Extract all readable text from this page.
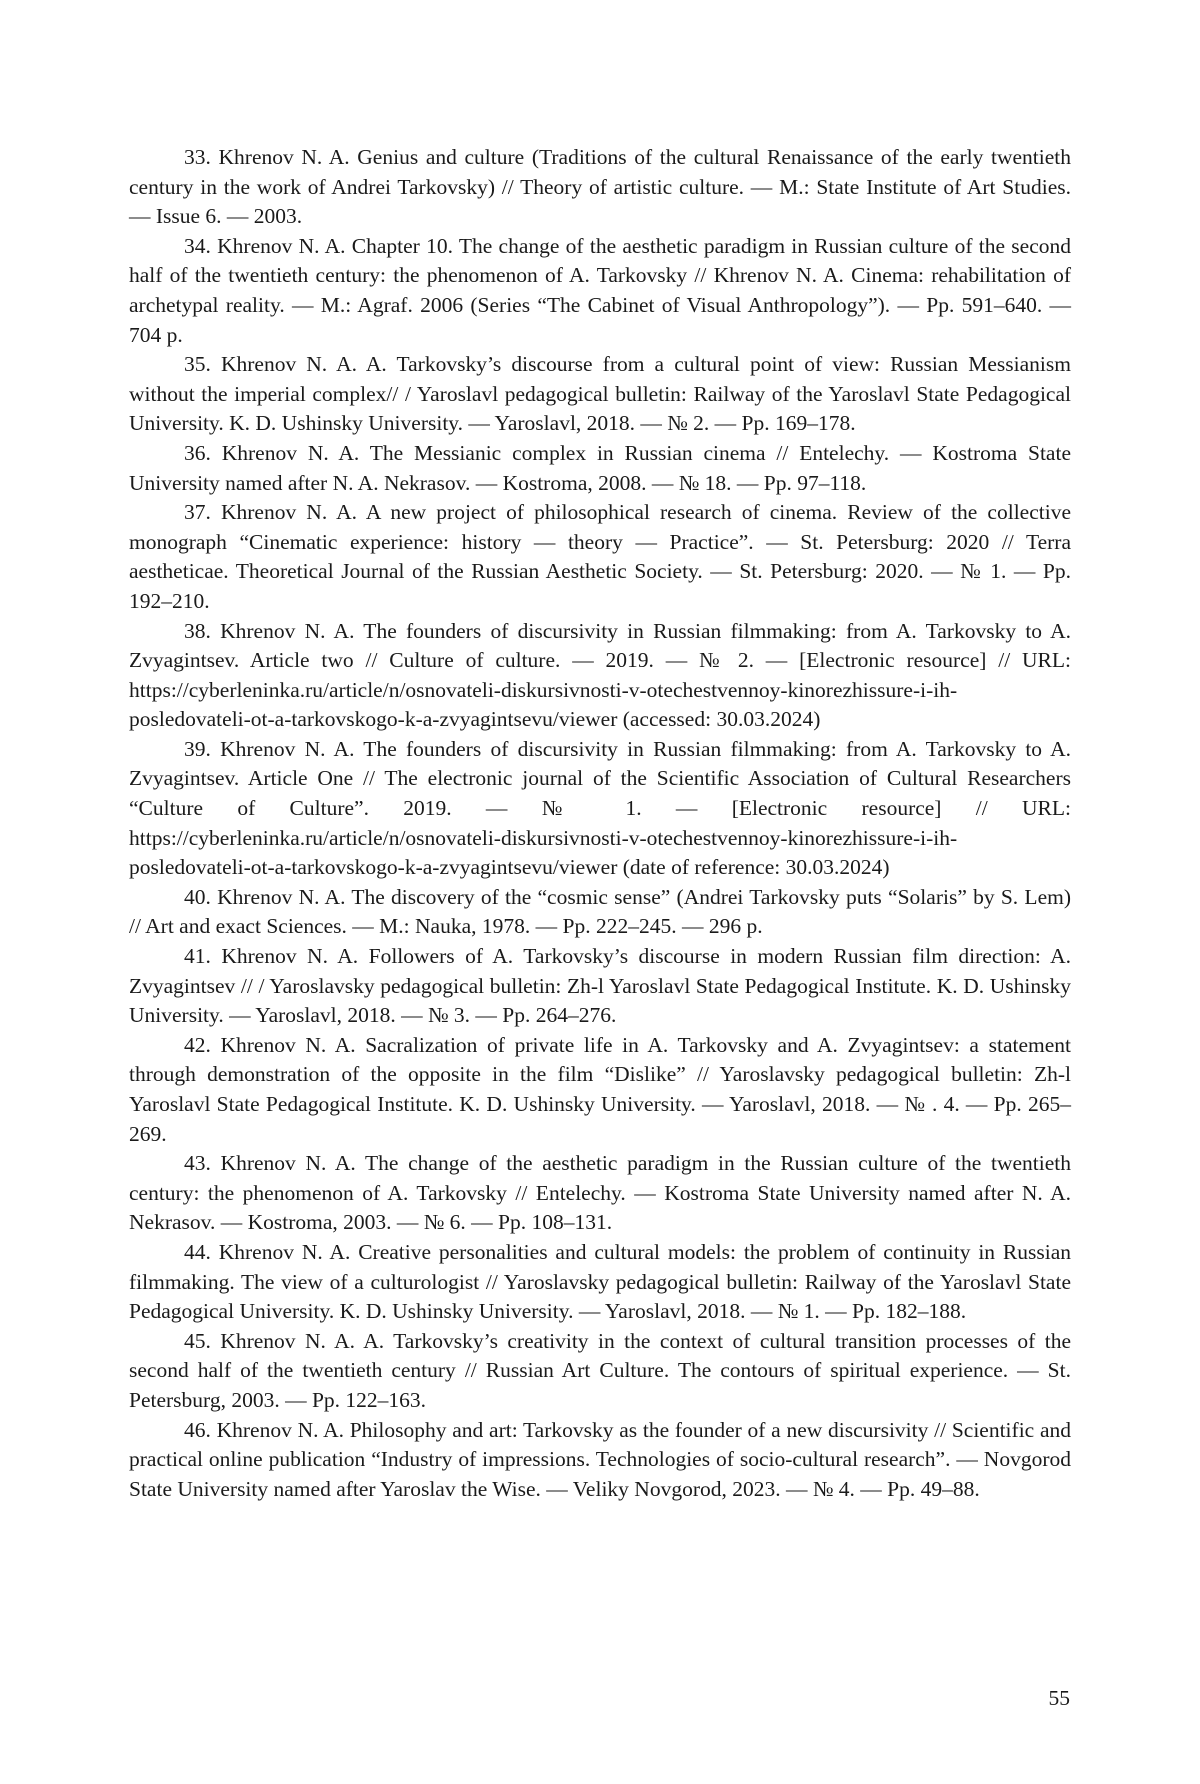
33. Khrenov N. A. Genius and culture (Traditions of the cultural Renaissance of the early twentieth century in the work of Andrei Tarkovsky) // Theory of artistic culture. — M.: State Institute of Art Studies. — Issue 6. — 2003.
34. Khrenov N. A. Chapter 10. The change of the aesthetic paradigm in Russian culture of the second half of the twentieth century: the phenomenon of A. Tarkovsky // Khrenov N. A. Cinema: rehabilitation of archetypal reality. — M.: Agraf. 2006 (Series “The Cabinet of Visual Anthropology”). — Pp. 591–640. — 704 p.
35. Khrenov N. A. A. Tarkovsky’s discourse from a cultural point of view: Russian Messianism without the imperial complex// / Yaroslavl pedagogical bulletin: Railway of the Yaroslavl State Pedagogical University. K. D. Ushinsky University. — Yaroslavl, 2018. — № 2. — Pp. 169–178.
36. Khrenov N. A. The Messianic complex in Russian cinema // Entelechy. — Kostroma State University named after N. A. Nekrasov. — Kostroma, 2008. — № 18. — Pp. 97–118.
37. Khrenov N. A. A new project of philosophical research of cinema. Review of the collective monograph “Cinematic experience: history — theory — Practice”. — St. Petersburg: 2020 // Terra aestheticae. Theoretical Journal of the Russian Aesthetic Society. — St. Petersburg: 2020. — № 1. — Pp. 192–210.
38. Khrenov N. A. The founders of discursivity in Russian filmmaking: from A. Tarkovsky to A. Zvyagintsev. Article two // Culture of culture. — 2019. — № 2. — [Electronic resource] // URL: https://cyberleninka.ru/article/n/osnovateli-diskursivnosti-v-otechestvennoy-kinorezhissure-i-ih-posledovateli-ot-a-tarkovskogo-k-a-zvyagintsevu/viewer (accessed: 30.03.2024)
39. Khrenov N. A. The founders of discursivity in Russian filmmaking: from A. Tarkovsky to A. Zvyagintsev. Article One // The electronic journal of the Scientific Association of Cultural Researchers “Culture of Culture”. 2019. — № 1. — [Electronic resource] // URL: https://cyberleninka.ru/article/n/osnovateli-diskursivnosti-v-otechestvennoy-kinorezhissure-i-ih-posledovateli-ot-a-tarkovskogo-k-a-zvyagintsevu/viewer (date of reference: 30.03.2024)
40. Khrenov N. A. The discovery of the “cosmic sense” (Andrei Tarkovsky puts “Solaris” by S. Lem) // Art and exact Sciences. — M.: Nauka, 1978. — Pp. 222–245. — 296 p.
41. Khrenov N. A. Followers of A. Tarkovsky’s discourse in modern Russian film direction: A. Zvyagintsev // / Yaroslavsky pedagogical bulletin: Zh-l Yaroslavl State Pedagogical Institute. K. D. Ushinsky University. — Yaroslavl, 2018. — № 3. — Pp. 264–276.
42. Khrenov N. A. Sacralization of private life in A. Tarkovsky and A. Zvyagintsev: a statement through demonstration of the opposite in the film “Dislike” // Yaroslavsky pedagogical bulletin: Zh-l Yaroslavl State Pedagogical Institute. K. D. Ushinsky University. — Yaroslavl, 2018. — № . 4. — Pp. 265–269.
43. Khrenov N. A. The change of the aesthetic paradigm in the Russian culture of the twentieth century: the phenomenon of A. Tarkovsky // Entelechy. — Kostroma State University named after N. A. Nekrasov. — Kostroma, 2003. — № 6. — Pp. 108–131.
44. Khrenov N. A. Creative personalities and cultural models: the problem of continuity in Russian filmmaking. The view of a culturologist // Yaroslavsky pedagogical bulletin: Railway of the Yaroslavl State Pedagogical University. K. D. Ushinsky University. — Yaroslavl, 2018. — № 1. — Pp. 182–188.
45. Khrenov N. A. A. Tarkovsky’s creativity in the context of cultural transition processes of the second half of the twentieth century // Russian Art Culture. The contours of spiritual experience. — St. Petersburg, 2003. — Pp. 122–163.
46. Khrenov N. A. Philosophy and art: Tarkovsky as the founder of a new discursivity // Scientific and practical online publication “Industry of impressions. Technologies of socio-cultural research”. — Novgorod State University named after Yaroslav the Wise. — Veliky Novgorod, 2023. — № 4. — Pp. 49–88.
55
